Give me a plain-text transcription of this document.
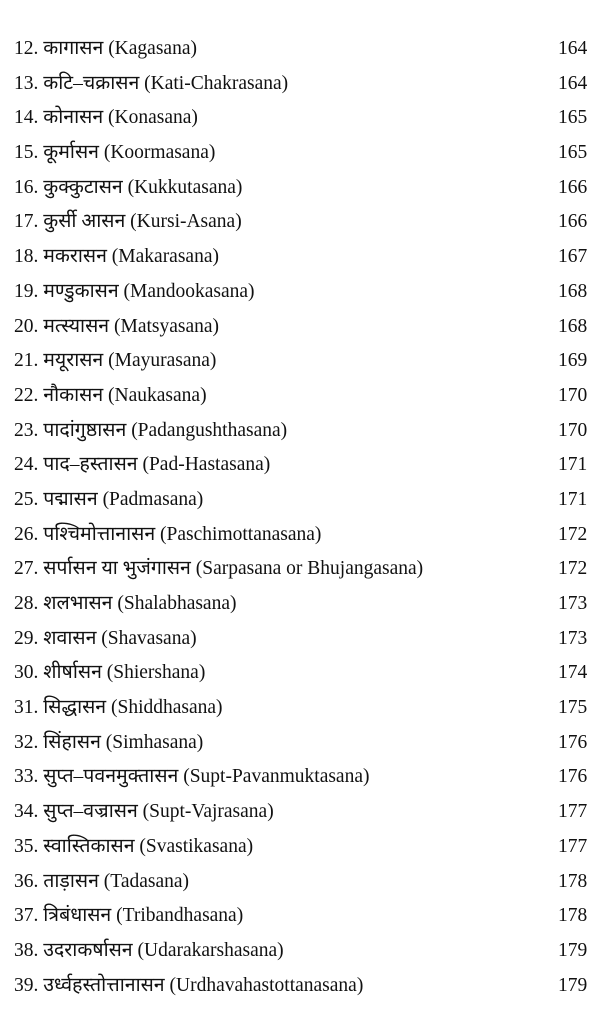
12. कागासन (Kagasana)	164
13. कटि–चक्रासन (Kati-Chakrasana)	164
14. कोनासन (Konasana)	165
15. कूर्मासन (Koormasana)	165
16. कुक्कुटासन (Kukkutasana)	166
17. कुर्सी आसन (Kursi-Asana)	166
18. मकरासन (Makarasana)	167
19. मण्डुकासन (Mandookasana)	168
20. मत्स्यासन (Matsyasana)	168
21. मयूरासन (Mayurasana)	169
22. नौकासन (Naukasana)	170
23. पादांगुष्ठासन (Padangushthasana)	170
24. पाद–हस्तासन (Pad-Hastasana)	171
25. पद्मासन (Padmasana)	171
26. पश्चिमोत्तानासन (Paschimottanasana)	172
27. सर्पासन या भुजंगासन (Sarpasana or Bhujangasana)	172
28. शलभासन (Shalabhasana)	173
29. शवासन (Shavasana)	173
30. शीर्षासन (Shiershana)	174
31. सिद्धासन (Shiddhasana)	175
32. सिंहासन (Simhasana)	176
33. सुप्त–पवनमुक्तासन (Supt-Pavanmuktasana)	176
34. सुप्त–वज्रासन (Supt-Vajrasana)	177
35. स्वास्तिकासन (Svastikasana)	177
36. ताड़ासन (Tadasana)	178
37. त्रिबंधासन (Tribandhasana)	178
38. उदराकर्षासन (Udarakarshasana)	179
39. उर्ध्वहस्तोत्तानासन (Urdhavahastottanasana)	179
